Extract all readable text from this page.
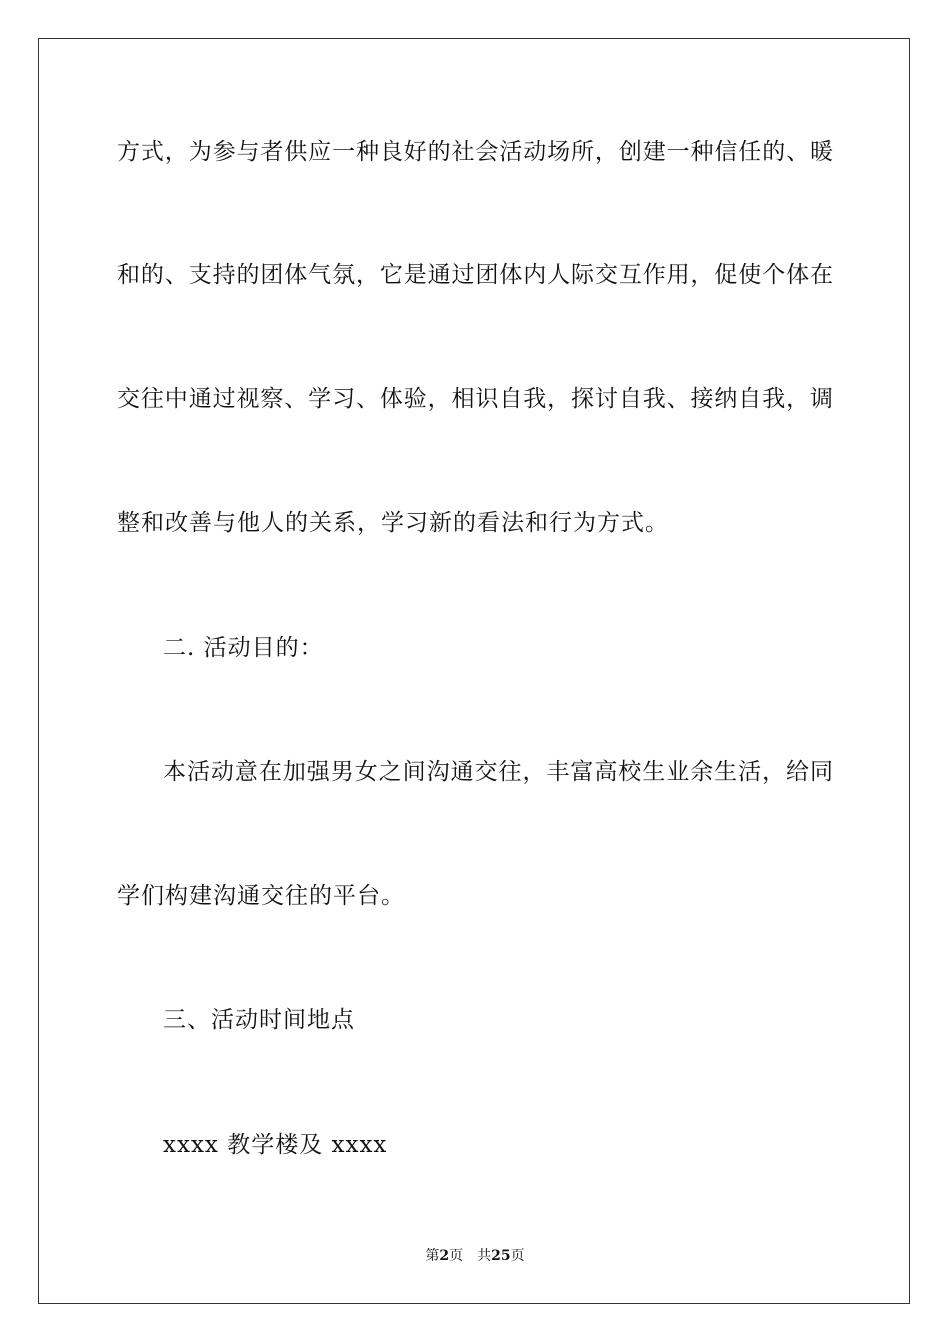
方式，为参与者供应一种良好的社会活动场所，创建一种信任的、暖
和的、支持的团体气氛，它是通过团体内人际交互作用，促使个体在
交往中通过视察、学习、体验，相识自我，探讨自我、接纳自我，调
整和改善与他人的关系，学习新的看法和行为方式。
二. 活动目的：
本活动意在加强男女之间沟通交往，丰富高校生业余生活，给同
学们构建沟通交往的平台。
三、活动时间地点
xxxx 教学楼及 xxxx
第2页 共25页
